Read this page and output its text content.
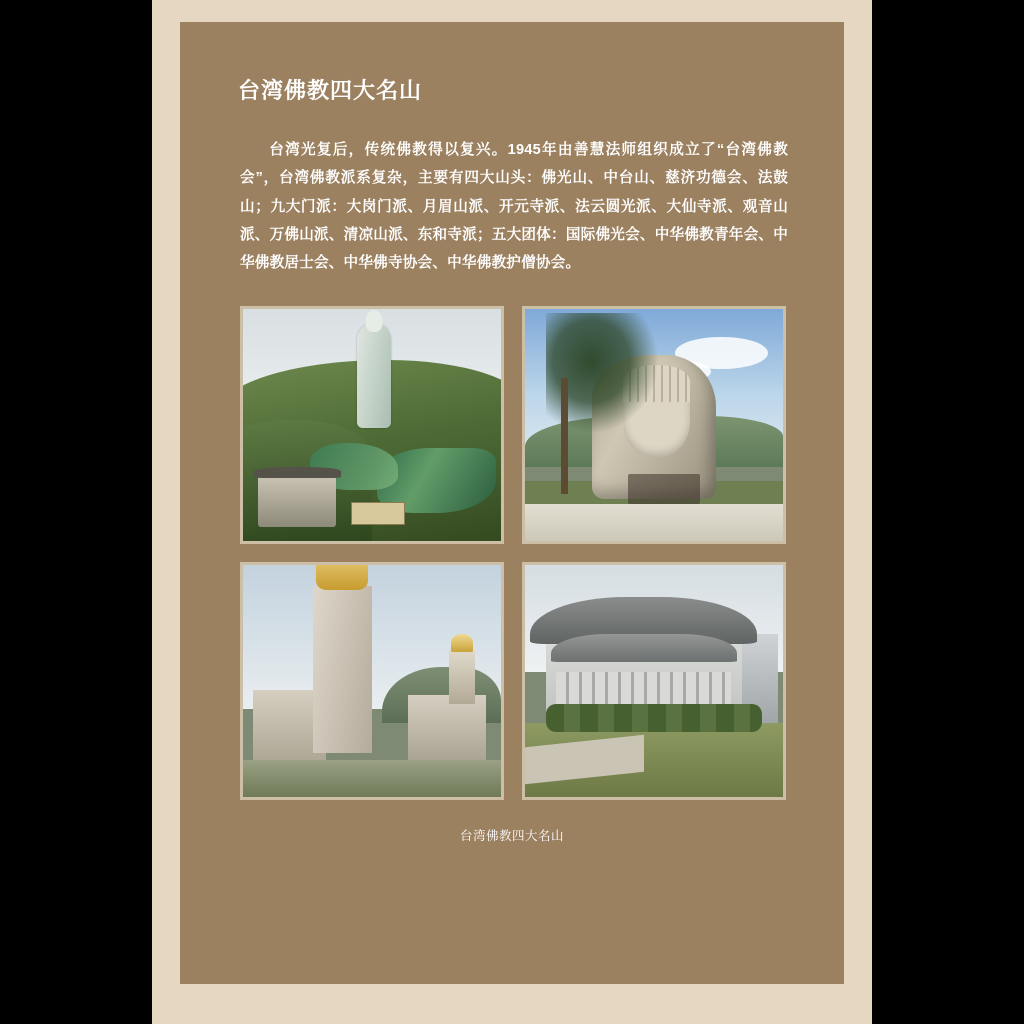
台湾佛教四大名山

台湾光复后，传统佛教得以复兴。1945年由善慧法师组织成立了“台湾佛教会”，台湾佛教派系复杂，主要有四大山头：佛光山、中台山、慈济功德会、法鼓山；九大门派：大岗门派、月眉山派、开元寺派、法云圆光派、大仙寺派、观音山派、万佛山派、清凉山派、东和寺派；五大团体：国际佛光会、中华佛教青年会、中华佛教居士会、中华佛寺协会、中华佛教护僧协会。

台湾佛教四大名山
